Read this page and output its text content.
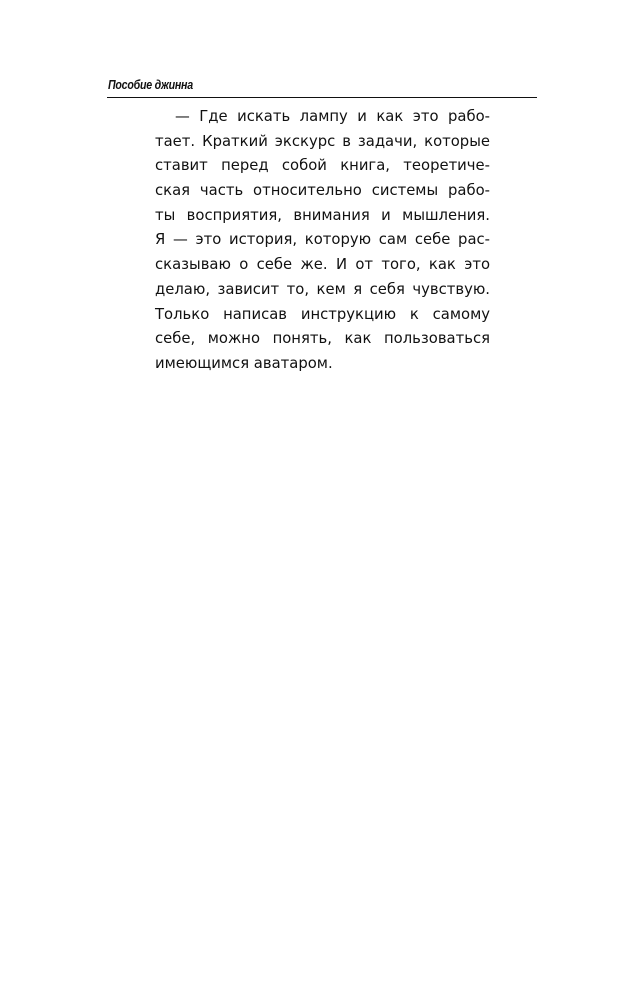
Пособие джинна
— Где искать лампу и как это рабо-
тает. Краткий экскурс в задачи, которые
ставит перед собой книга, теоретиче-
ская часть относительно системы рабо-
ты восприятия, внимания и мышления.
Я — это история, которую сам себе рас-
сказываю о себе же. И от того, как это
делаю, зависит то, кем я себя чувствую.
Только написав инструкцию к самому
себе, можно понять, как пользоваться
имеющимся аватаром.
